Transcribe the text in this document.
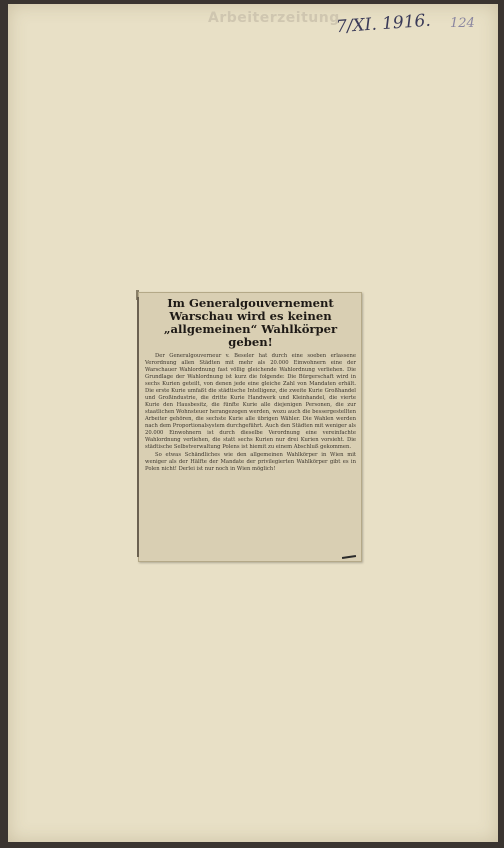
Arbeiterzeitung
7/XI. 1916. 124
Im Generalgouvernement Warschau wird es keinen „allgemeinen“ Wahlkörper geben!

Der Generalgouverneur v. Beseler hat durch eine soeben erlassene Verordnung allen Städten mit mehr als 20.000 Einwohnern eine der Warschauer Wahlordnung fast völlig gleichende Wahlordnung verliehen. Die Grundlage der Wahlordnung ist kurz die folgende: Die Bürgerschaft wird in sechs Kurien geteilt, von denen jede eine gleiche Zahl von Mandaten erhält. Die erste Kurie umfaßt die städtische Intelligenz, die zweite Kurie Großhandel und Großindustrie, die dritte Kurie Handwerk und Kleinhandel, die vierte Kurie den Hausbesitz, die fünfte Kurie alle diejenigen Personen, die zur staatlichen Wohnsteuer herangezogen werden, wozu auch die bessergestellten Arbeiter gehören, die sechste Kurie alle übrigen Wähler. Die Wahlen werden nach dem Proportionalsystem durchgeführt. Auch den Städten mit weniger als 20.000 Einwohnern ist durch dieselbe Verordnung eine vereinfachte Wahlordnung verliehen, die statt sechs Kurien nur drei Kurien vorsieht. Die städtische Selbstverwaltung Polens ist hiemit zu einem Abschluß gekommen.

So etwas Schändliches wie den allgemeinen Wahlkörper in Wien mit weniger als der Hälfte der Mandate der privilegierten Wahlkörper gibt es in Polen nicht! Derlei ist nur noch in Wien möglich!
